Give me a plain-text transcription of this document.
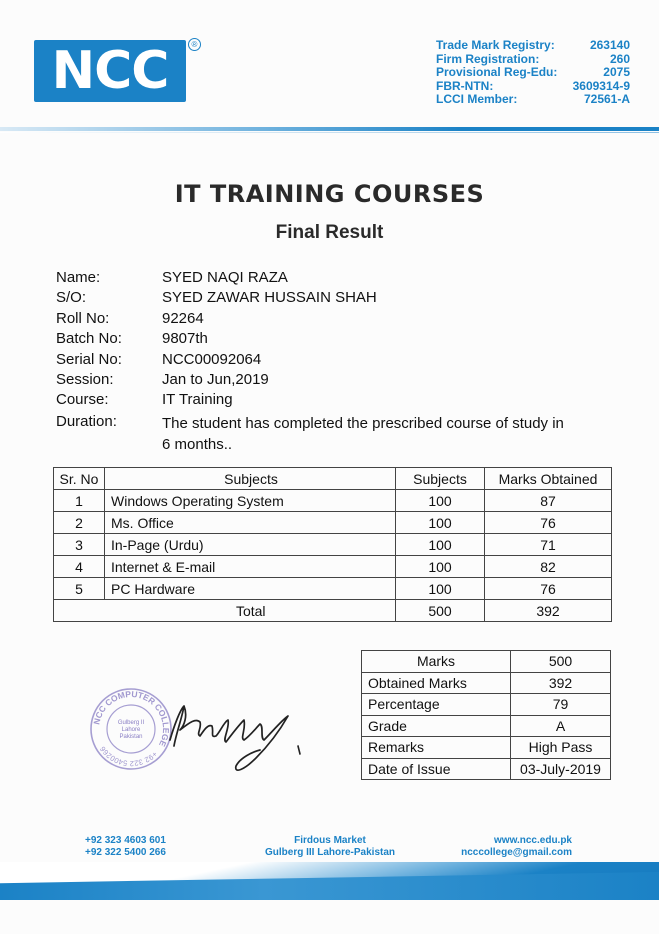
NCC	®	Trade Mark Registry:	263140
Firm Registration:	260
Provisional Reg-Edu:	2075
FBR-NTN:	3609314-9
LCCI Member:	72561-A
IT TRAINING COURSES
Final Result
Name:	SYED NAQI RAZA
S/O:	SYED ZAWAR HUSSAIN SHAH
Roll No:	92264
Batch No:	9807th
Serial No:	NCC00092064
Session:	Jan to Jun,2019
Course:	IT Training
Duration:	The student has completed the prescribed course of study in 6 months..
Sr. No	Subjects	Subjects	Marks Obtained
1	Windows Operating System	100	87
2	Ms. Office	100	76
3	In-Page (Urdu)	100	71
4	Internet & E-mail	100	82
5	PC Hardware	100	76
	Total	500	392
Marks	500
Obtained Marks	392
Percentage	79
Grade	A
Remarks	High Pass
Date of Issue	03-July-2019
NCC COMPUTER COLLEGE
+92 322 5400266
Gulberg II
Lahore
Pakistan
+92 323 4603 601
+92 322 5400 266
Firdous Market
Gulberg III Lahore-Pakistan
www.ncc.edu.pk
ncccollege@gmail.com
